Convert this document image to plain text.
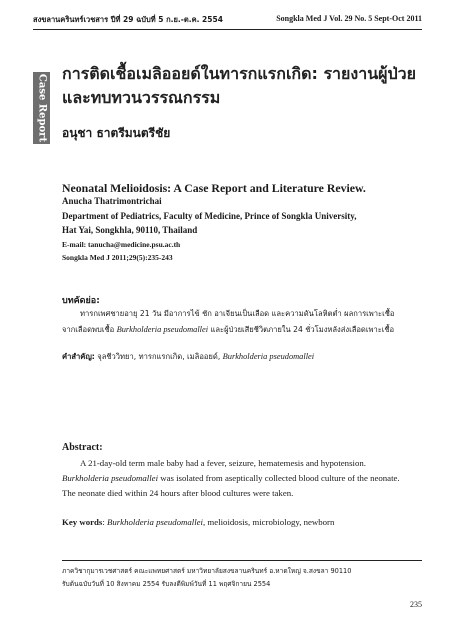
สงขลานครินทร์เวชสาร ปีที่ 29 ฉบับที่ 5 ก.ย.-ต.ค. 2554	Songkla Med J Vol. 29 No. 5 Sept-Oct 2011
Case Report
การติดเชื้อเมลิออยด์ในทารกแรกเกิด: รายงานผู้ป่วย
และทบทวนวรรณกรรม
อนุชา ธาตรีมนตรีชัย
Neonatal Melioidosis: A Case Report and Literature Review.
Anucha Thatrimontrichai
Department of Pediatrics, Faculty of Medicine, Prince of Songkla University,
Hat Yai, Songkhla, 90110, Thailand
E-mail: tanucha@medicine.psu.ac.th
Songkla Med J 2011;29(5):235-243
บทคัดย่อ:
ทารกเพศชายอายุ 21 วัน มีอาการไข้ ชัก อาเจียนเป็นเลือด และความดันโลหิตต่ำ ผลการเพาะเชื้อ
จากเลือดพบเชื้อ Burkholderia pseudomallei และผู้ป่วยเสียชีวิตภายใน 24 ชั่วโมงหลังส่งเลือดเพาะเชื้อ
คำสำคัญ: จุลชีววิทยา, ทารกแรกเกิด, เมลิออยด์, Burkholderia pseudomallei
Abstract:
A 21-day-old term male baby had a fever, seizure, hematemesis and hypotension.
Burkholderia pseudomallei was isolated from aseptically collected blood culture of the neonate.
The neonate died within 24 hours after blood cultures were taken.
Key words: Burkholderia pseudomallei, melioidosis, microbiology, newborn
ภาควิชากุมารเวชศาสตร์ คณะแพทยศาสตร์ มหาวิทยาลัยสงขลานครินทร์ อ.หาดใหญ่ จ.สงขลา 90110
รับต้นฉบับวันที่ 10 สิงหาคม 2554 รับลงตีพิมพ์วันที่ 11 พฤศจิกายน 2554
235
